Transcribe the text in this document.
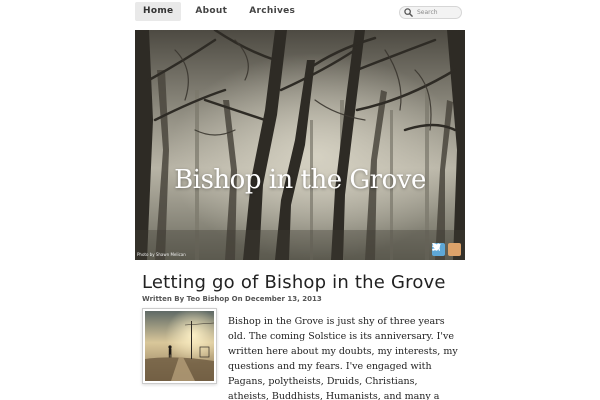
Home	About	Archives
Search
Bishop in the Grove
Photo by Shawn Melican
Letting go of Bishop in the Grove
Written By Teo Bishop On December 13, 2013
Bishop in the Grove is just shy of three years old. The coming Solstice is its anniversary. I've written here about my doubts, my interests, my questions and my fears. I've engaged with Pagans, polytheists, Druids, Christians, atheists, Buddhists, Humanists, and many a
